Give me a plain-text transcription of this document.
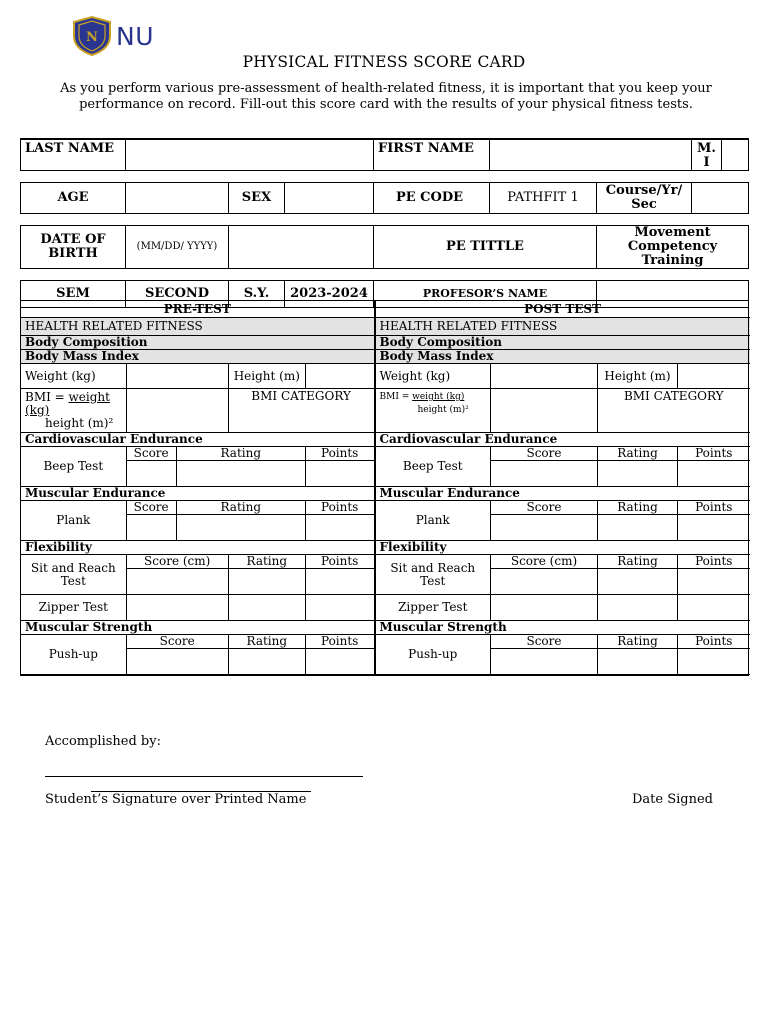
N NU
PHYSICAL FITNESS SCORE CARD
As you perform various pre-assessment of health-related fitness, it is important that you keep your performance on record. Fill-out this score card with the results of your physical fitness tests.
LAST NAME				FIRST NAME			M. I	

AGE		SEX		PE CODE	PATHFIT 1	Course/Yr/ Sec		

DATE OF BIRTH	(MM/DD/ YYYY)			PE TITTLE		Movement Competency Training		

SEM	SECOND	S.Y.	2023-2024	PROFESOR’S NAME				
PRE-TEST
HEALTH RELATED FITNESS
Body Composition
Body Mass Index
Weight (kg)		Height (m)	
BMI = weight (kg)
height (m)²		BMI CATEGORY
Cardiovascular Endurance
Beep Test	Score	Rating	Points

Muscular Endurance
Plank	Score	Rating	Points

Flexibility
Sit and Reach Test	Score (cm)	Rating	Points

Zipper Test			
Muscular Strength
Push-up	Score	Rating	Points

POST TEST
HEALTH RELATED FITNESS
Body Composition
Body Mass Index
Weight (kg)		Height (m)	
BMI = weight (kg)
height (m)²		BMI CATEGORY
Cardiovascular Endurance
Beep Test	Score	Rating	Points

Muscular Endurance
Plank	Score	Rating	Points

Flexibility
Sit and Reach Test	Score (cm)	Rating	Points

Zipper Test			
Muscular Strength
Push-up	Score	Rating	Points

Accomplished by:
Student’s Signature over Printed Name	Date Signed
